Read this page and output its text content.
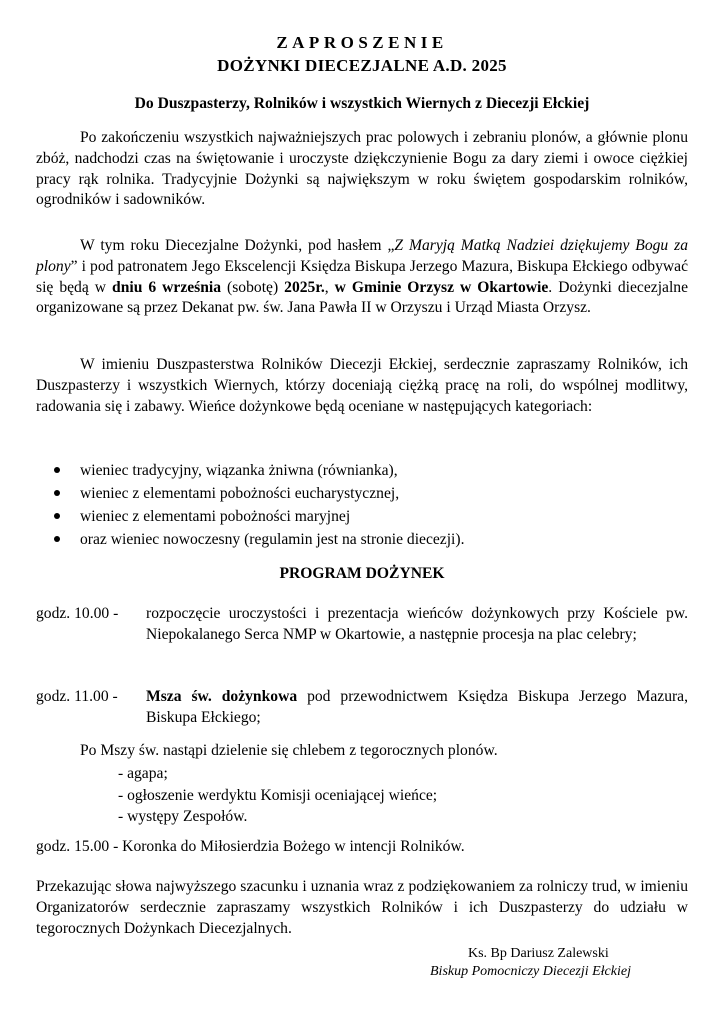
ZAPROSZENIE
DOŻYNKI DIECEZJALNE A.D. 2025
Do Duszpasterzy, Rolników i wszystkich Wiernych z Diecezji Ełckiej

Po zakończeniu wszystkich najważniejszych prac polowych i zebraniu plonów, a głównie plonu zbóż, nadchodzi czas na świętowanie i uroczyste dziękczynienie Bogu za dary ziemi i owoce ciężkiej pracy rąk rolnika. Tradycyjnie Dożynki są największym w roku świętem gospodarskim rolników, ogrodników i sadowników.

W tym roku Diecezjalne Dożynki, pod hasłem „Z Maryją Matką Nadziei dziękujemy Bogu za plony” i pod patronatem Jego Ekscelencji Księdza Biskupa Jerzego Mazura, Biskupa Ełckiego odbywać się będą w dniu 6 września (sobotę) 2025r., w Gminie Orzysz w Okartowie. Dożynki diecezjalne organizowane są przez Dekanat pw. św. Jana Pawła II w Orzyszu i Urząd Miasta Orzysz.

W imieniu Duszpasterstwa Rolników Diecezji Ełckiej, serdecznie zapraszamy Rolników, ich Duszpasterzy i wszystkich Wiernych, którzy doceniają ciężką pracę na roli, do wspólnej modlitwy, radowania się i zabawy. Wieńce dożynkowe będą oceniane w następujących kategoriach:

wieniec tradycyjny, wiązanka żniwna (równianka),
wieniec z elementami pobożności eucharystycznej,
wieniec z elementami pobożności maryjnej
oraz wieniec nowoczesny (regulamin jest na stronie diecezji).
PROGRAM DOŻYNEK
godz. 10.00 - rozpoczęcie uroczystości i prezentacja wieńców dożynkowych przy Kościele pw. Niepokalanego Serca NMP w Okartowie, a następnie procesja na plac celebry;
godz. 11.00 - Msza św. dożynkowa pod przewodnictwem Księdza Biskupa Jerzego Mazura, Biskupa Ełckiego;
Po Mszy św. nastąpi dzielenie się chlebem z tegorocznych plonów.
- agapa;
- ogłoszenie werdyktu Komisji oceniającej wieńce;
- występy Zespołów.
godz. 15.00 - Koronka do Miłosierdzia Bożego w intencji Rolników.

Przekazując słowa najwyższego szacunku i uznania wraz z podziękowaniem za rolniczy trud, w imieniu Organizatorów serdecznie zapraszamy wszystkich Rolników i ich Duszpasterzy do udziału w tegorocznych Dożynkach Diecezjalnych.

Ks. Bp Dariusz Zalewski
Biskup Pomocniczy Diecezji Ełckiej
